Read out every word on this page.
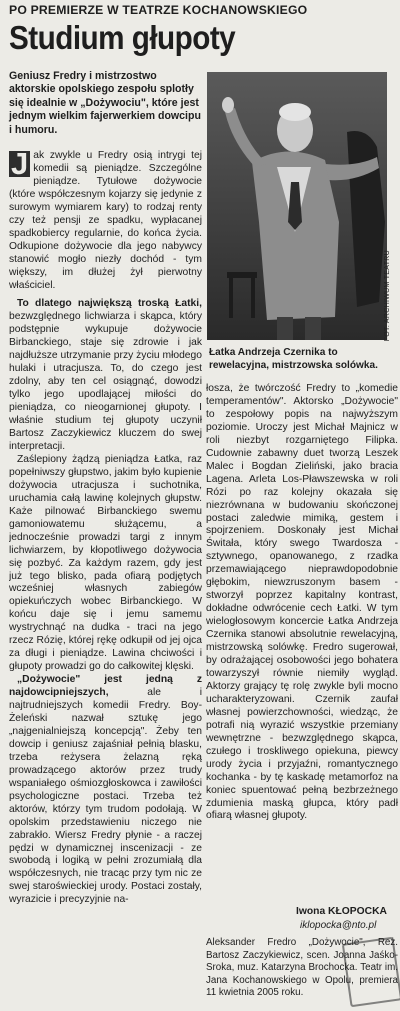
PO PREMIERZE W TEATRZE KOCHANOWSKIEGO
Studium głupoty

Geniusz Fredry i mistrzostwo aktorskie opolskiego zespołu splotły się idealnie w „Dożywociu", które jest jednym wielkim fajerwerkiem dowcipu i humoru.

FOT. ARCHIWUM TEATRU
Łatka Andrzeja Czernika to rewelacyjna, mistrzowska solówka.

J ak zwykle u Fredry osią intrygi tej komedii są pieniądze. Szczególne pieniądze. Tytułowe dożywocie (które współczesnym kojarzy się jedynie z surowym wymiarem kary) to rodzaj renty czy też pensji ze spadku, wypłacanej spadkobiercy regularnie, do końca życia. Odkupione dożywocie dla jego nabywcy stanowić mogło niezły dochód - tym większy, im dłużej żył pierwotny właściciel.

To dlatego największą troską Łatki, bezwzględnego lichwiarza i skąpca, który podstępnie wykupuje dożywocie Birbanckiego, staje się zdrowie i jak najdłuższe utrzymanie przy życiu młodego hulaki i utracjusza. To, do czego jest zdolny, aby ten cel osiągnąć, dowodzi tylko jego upodlającej miłości do pieniądza, co nieogarnionej głupoty. I właśnie studium tej głupoty uczynił Bartosz Zaczykiewicz kluczem do swej interpretacji.

Zaślepiony żądzą pieniądza Łatka, raz popełniwszy głupstwo, jakim było kupienie dożywocia utracjusza i suchotnika, uruchamia całą lawinę kolejnych głupstw. Każe pilnować Birbanckiego swemu gamoniowatemu służącemu, a jednocześnie prowadzi targi z innym lichwiarzem, by kłopotliwego dożywocia się pozbyć. Za każdym razem, gdy jest już tego blisko, pada ofiarą podjętych wcześniej własnych zabiegów opiekuńczych wobec Birbanckiego. W końcu daje się i jemu samemu wystrychnąć na dudka - traci na jego rzecz Rózię, której rękę odkupił od jej ojca za długi i pieniądze. Lawina chciwości i głupoty prowadzi go do całkowitej klęski.

„Dożywocie" jest jedną z najdowcipniejszych, ale i najtrudniejszych komedii Fredry. Boy-Żeleński nazwał sztukę jego „najgenialniejszą koncepcją". Żeby ten dowcip i geniusz zajaśniał pełnią blasku, trzeba reżysera żelazną ręką prowadzącego aktorów przez trudy wspaniałego ośmiozgłoskowca i zawiłości psychologiczne postaci. Trzeba też aktorów, którzy tym trudom podołają. W opolskim przedstawieniu niczego nie zabrakło. Wiersz Fredry płynie - a raczej pędzi w dynamicznej inscenizacji - ze swobodą i logiką w pełni zrozumiałą dla współczesnych, nie tracąc przy tym nic ze swej staroświeckiej urody. Postaci zostały, wyrazicie i precyzyjnie na-

łosza, że twórczość Fredry to „komedie temperamentów". Aktorsko „Dożywocie" to zespołowy popis na najwyższym poziomie. Uroczy jest Michał Majnicz w roli niezbyt rozgarniętego Filipka. Cudownie zabawny duet tworzą Leszek Malec i Bogdan Zieliński, jako bracia Lagena. Arleta Los-Pławszewska w roli Rózi po raz kolejny okazała się niezrównana w budowaniu skończonej postaci zaledwie mimiką, gestem i spojrzeniem. Doskonały jest Michał Świtała, który swego Twardosza - sztywnego, opanowanego, z rzadka przemawiającego nieprawdopodobnie głębokim, niewzruszonym basem - stworzył poprzez kapitalny kontrast, dokładne odwrócenie cech Łatki. W tym wielogłosowym koncercie Łatka Andrzeja Czernika stanowi absolutnie rewelacyjną, mistrzowską solówkę. Fredro sugerował, by odrażającej osobowości jego bohatera towarzyszył równie niemiły wygląd. Aktorzy grający tę rolę zwykle byli mocno ucharakteryzowani. Czernik zaufał własnej powierzchowności, wiedząc, że potrafi nią wyrazić wszystkie przemiany wewnętrzne - bezwzględnego skąpca, czułego i troskliwego opiekuna, piewcy urody życia i przyjaźni, romantycznego kochanka - by tę kaskadę metamorfoz na koniec spuentować pełną bezbrzeżnego zdumienia maską głupca, który padł ofiarą własnej głupoty.

Iwona KŁOPOCKA
iklopocka@nto.pl
Aleksander Fredro „Dożywocie", Reż. Bartosz Zaczykiewicz, scen. Joanna Jaśko-Sroka, muz. Katarzyna Brochocka. Teatr im. Jana Kochanowskiego w Opolu, premiera 11 kwietnia 2005 roku.
